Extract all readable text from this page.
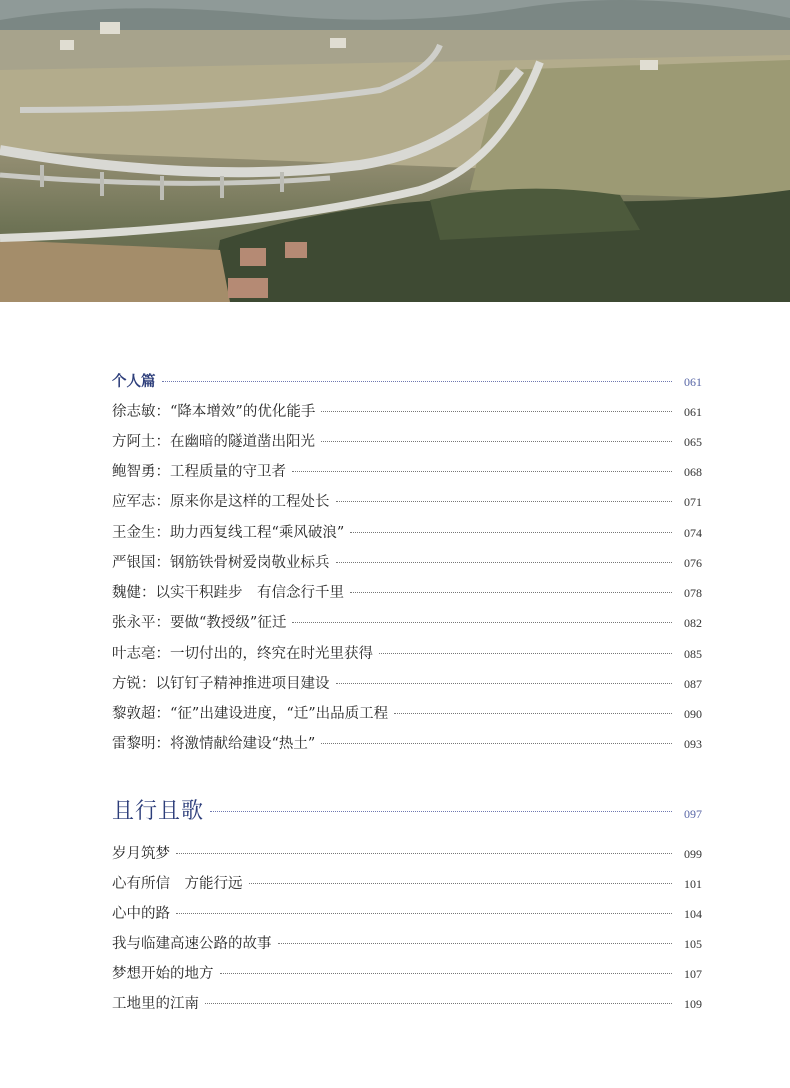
个人篇	061
徐志敏：“降本增效”的优化能手	061
方阿土：在幽暗的隧道凿出阳光	065
鲍智勇：工程质量的守卫者	068
应军志：原来你是这样的工程处长	071
王金生：助力西复线工程“乘风破浪”	074
严银国：钢筋铁骨树爱岗敬业标兵	076
魏健：以实干积跬步　有信念行千里	078
张永平：要做“教授级”征迁	082
叶志亳：一切付出的，终究在时光里获得	085
方锐：以钉钉子精神推进项目建设	087
黎敦超：“征”出建设进度，“迁”出品质工程	090
雷黎明：将激情献给建设“热土”	093
且行且歌	097
岁月筑梦	099
心有所信　方能行远	101
心中的路	104
我与临建高速公路的故事	105
梦想开始的地方	107
工地里的江南	109
